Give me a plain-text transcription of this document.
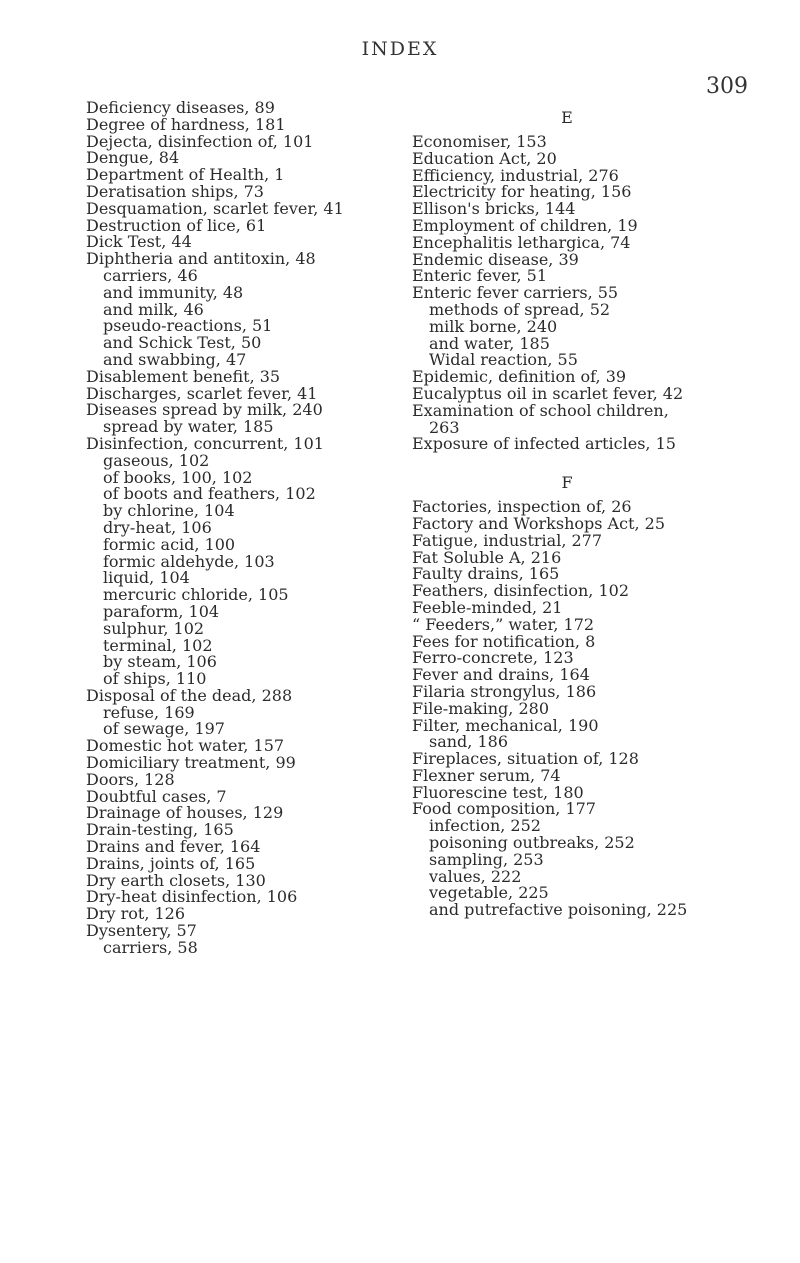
INDEX
309
Deficiency diseases, 89
Degree of hardness, 181
Dejecta, disinfection of, 101
Dengue, 84
Department of Health, 1
Deratisation ships, 73
Desquamation, scarlet fever, 41
Destruction of lice, 61
Dick Test, 44
Diphtheria and antitoxin, 48
carriers, 46
and immunity, 48
and milk, 46
pseudo-reactions, 51
and Schick Test, 50
and swabbing, 47
Disablement benefit, 35
Discharges, scarlet fever, 41
Diseases spread by milk, 240
spread by water, 185
Disinfection, concurrent, 101
gaseous, 102
of books, 100, 102
of boots and feathers, 102
by chlorine, 104
dry-heat, 106
formic acid, 100
formic aldehyde, 103
liquid, 104
mercuric chloride, 105
paraform, 104
sulphur, 102
terminal, 102
by steam, 106
of ships, 110
Disposal of the dead, 288
refuse, 169
of sewage, 197
Domestic hot water, 157
Domiciliary treatment, 99
Doors, 128
Doubtful cases, 7
Drainage of houses, 129
Drain-testing, 165
Drains and fever, 164
Drains, joints of, 165
Dry earth closets, 130
Dry-heat disinfection, 106
Dry rot, 126
Dysentery, 57
carriers, 58
E
Economiser, 153
Education Act, 20
Efficiency, industrial, 276
Electricity for heating, 156
Ellison's bricks, 144
Employment of children, 19
Encephalitis lethargica, 74
Endemic disease, 39
Enteric fever, 51
Enteric fever carriers, 55
methods of spread, 52
milk borne, 240
and water, 185
Widal reaction, 55
Epidemic, definition of, 39
Eucalyptus oil in scarlet fever, 42
Examination of school children,
263
Exposure of infected articles, 15
F
Factories, inspection of, 26
Factory and Workshops Act, 25
Fatigue, industrial, 277
Fat Soluble A, 216
Faulty drains, 165
Feathers, disinfection, 102
Feeble-minded, 21
“ Feeders,” water, 172
Fees for notification, 8
Ferro-concrete, 123
Fever and drains, 164
Filaria strongylus, 186
File-making, 280
Filter, mechanical, 190
sand, 186
Fireplaces, situation of, 128
Flexner serum, 74
Fluorescine test, 180
Food composition, 177
infection, 252
poisoning outbreaks, 252
sampling, 253
values, 222
vegetable, 225
and putrefactive poisoning, 225
